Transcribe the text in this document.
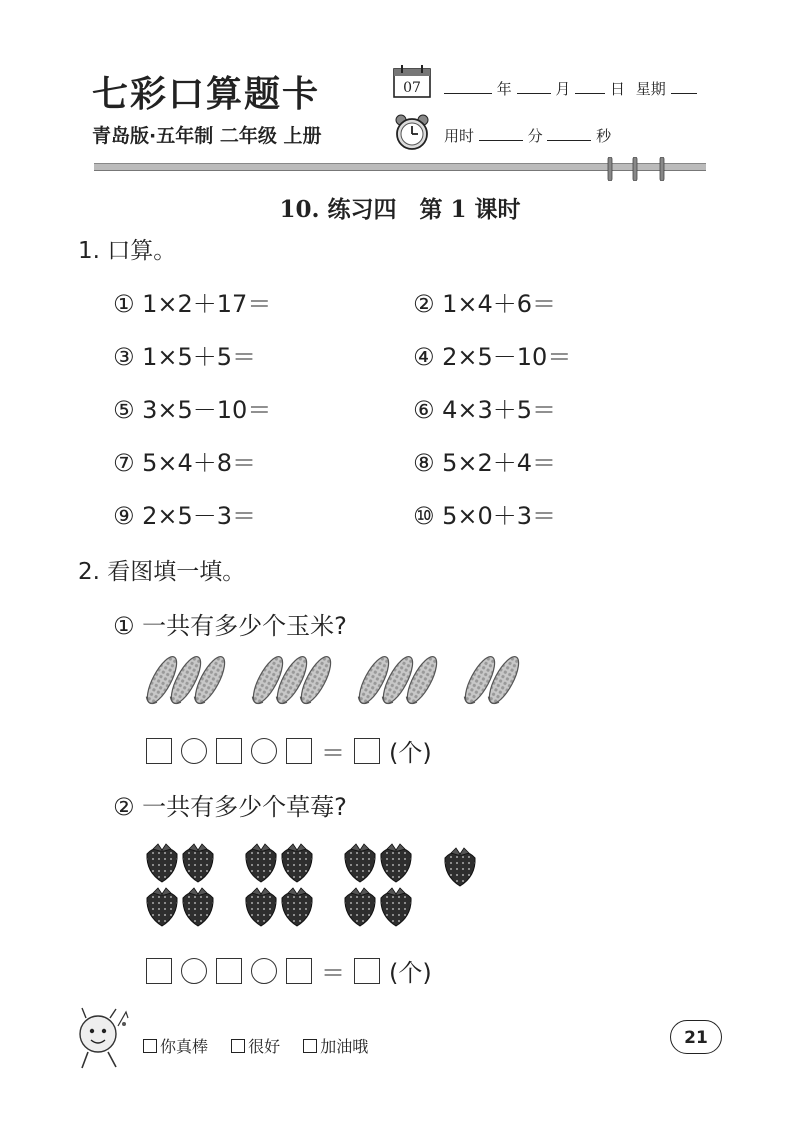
七彩口算题卡
青岛版·五年制 二年级 上册
07	年	月	日 星期
用时	分	秒
10. 练习四　第 1 课时
1. 口算。
① 1×2＋17＝	② 1×4＋6＝
③ 1×5＋5＝	④ 2×5－10＝
⑤ 3×5－10＝	⑥ 4×3＋5＝
⑦ 5×4＋8＝	⑧ 5×2＋4＝
⑨ 2×5－3＝	⑩ 5×0＋3＝
2. 看图填一填。
① 一共有多少个玉米?
＝ (个)
② 一共有多少个草莓?
＝ (个)
你真棒	很好	加油哦	21
